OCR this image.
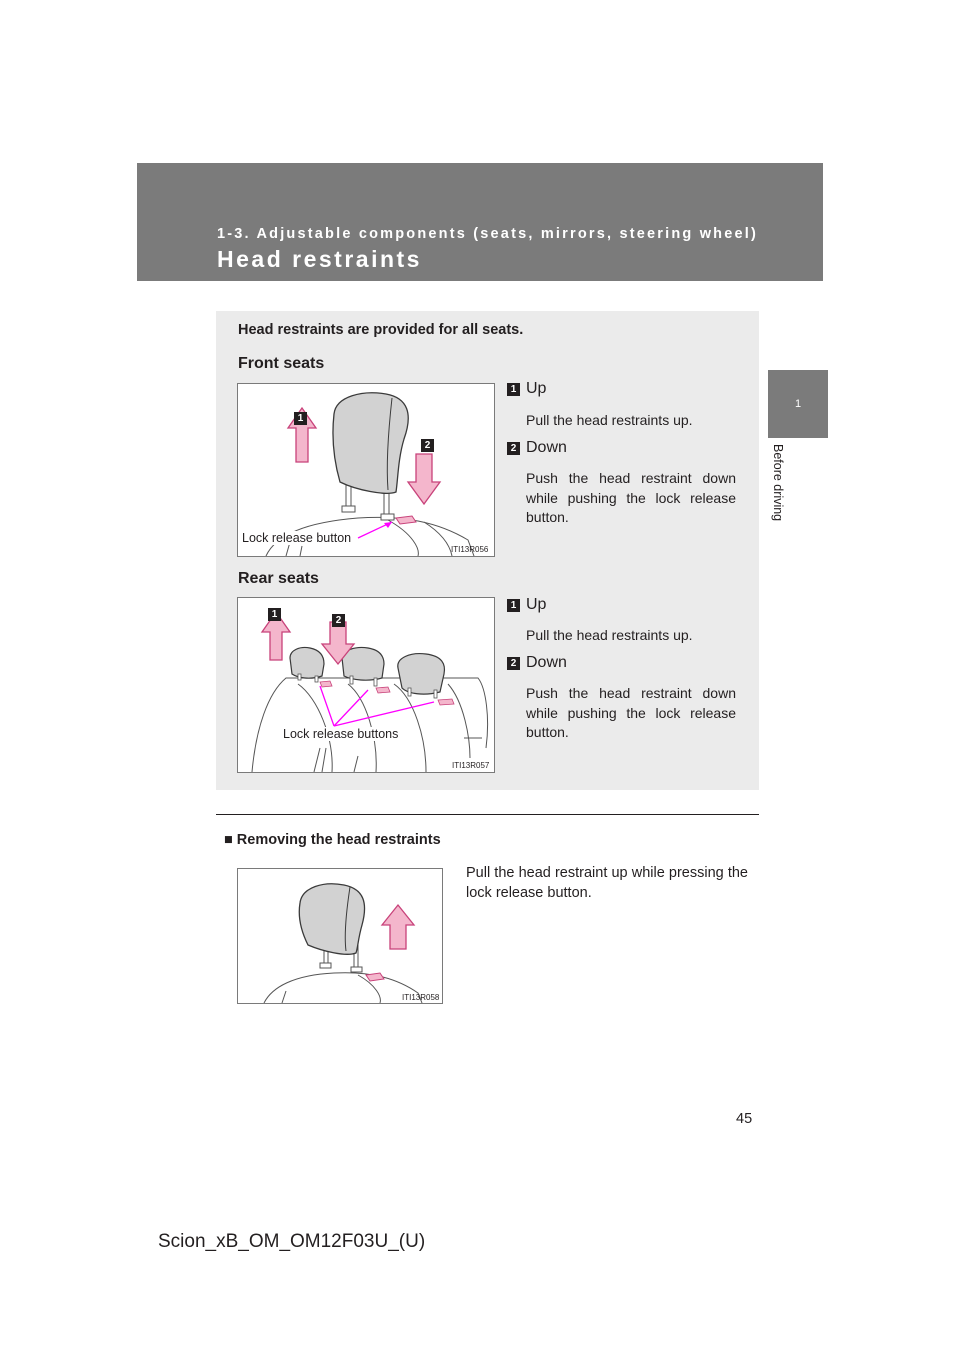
1-3. Adjustable components (seats, mirrors, steering wheel)
Head restraints
1
Before driving
Head restraints are provided for all seats.
Front seats
1
2
Lock release button
ITI13R056
1 Up
Pull the head restraints up.
2 Down
Push the head restraint down while pushing the lock release button.
Rear seats
1
2
Lock release buttons
ITI13R057
1 Up
Pull the head restraints up.
2 Down
Push the head restraint down while pushing the lock release button.
■ Removing the head restraints
ITI13R058
Pull the head restraint up while pressing the lock release button.
45
Scion_xB_OM_OM12F03U_(U)
